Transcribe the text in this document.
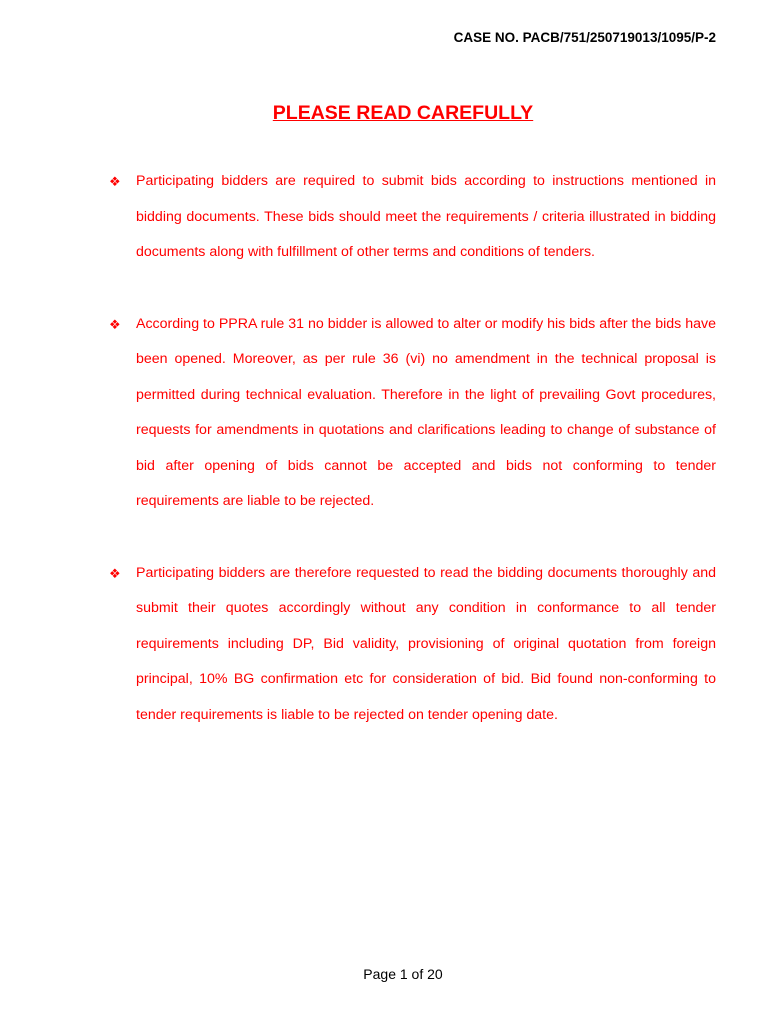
CASE NO. PACB/751/250719013/1095/P-2
PLEASE READ CAREFULLY
❖ Participating bidders are required to submit bids according to instructions mentioned in bidding documents. These bids should meet the requirements / criteria illustrated in bidding documents along with fulfillment of other terms and conditions of tenders.
❖ According to PPRA rule 31 no bidder is allowed to alter or modify his bids after the bids have been opened. Moreover, as per rule 36 (vi) no amendment in the technical proposal is permitted during technical evaluation. Therefore in the light of prevailing Govt procedures, requests for amendments in quotations and clarifications leading to change of substance of bid after opening of bids cannot be accepted and bids not conforming to tender requirements are liable to be rejected.
❖ Participating bidders are therefore requested to read the bidding documents thoroughly and submit their quotes accordingly without any condition in conformance to all tender requirements including DP, Bid validity, provisioning of original quotation from foreign principal, 10% BG confirmation etc for consideration of bid. Bid found non-conforming to tender requirements is liable to be rejected on tender opening date.
Page 1 of 20
